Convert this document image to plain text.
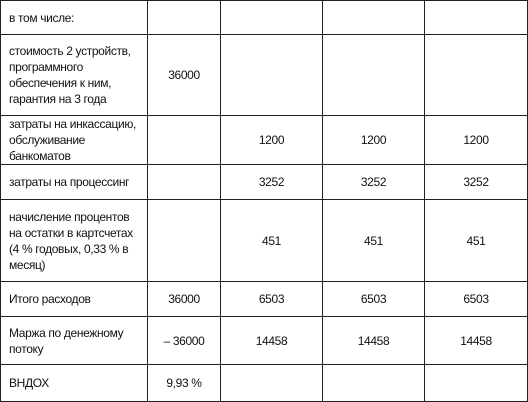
в том числе:				
стоимость 2 устройств, программного обеспечения к ним, гарантия на 3 года	36000			
затраты на инкассацию, обслуживание банкоматов		1200	1200	1200
затраты на процессинг		3252	3252	3252
начисление процентов на остатки в картсчетах (4 % годовых, 0,33 % в месяц)		451	451	451
Итого расходов	36000	6503	6503	6503
Маржа по денежному потоку	– 36000	14458	14458	14458
ВНДОХ	9,93 %			
